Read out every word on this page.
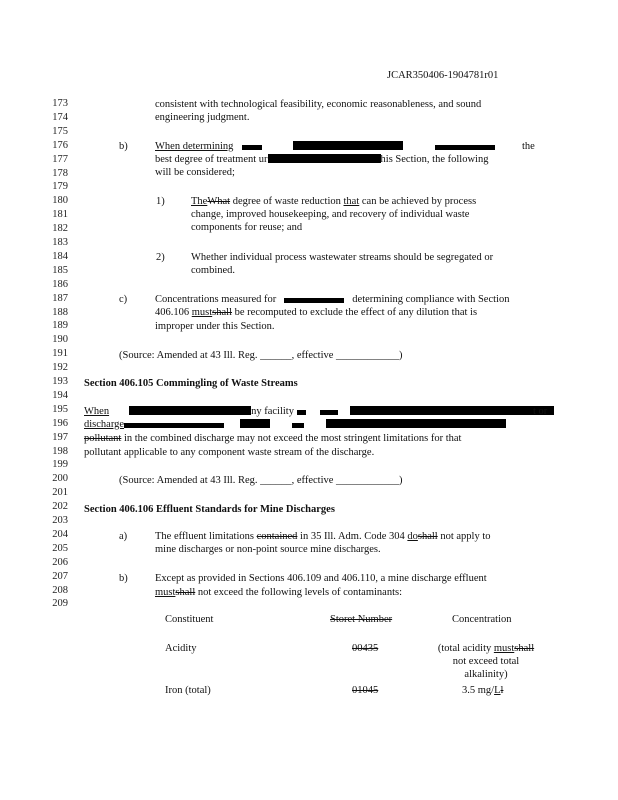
JCAR350406-1904781r01
173
174
175
176
177
178
179
180
181
182
183
184
185
186
187
188
189
190
191
192
193
194
195
196
197
198
199
200
201
202
203
204
205
206
207
208
209
consistent with technological feasibility, economic reasonableness, and sound
engineering judgment.
b)	When determining	the
best degree of treatment ur	his Section, the following
will be considered;
1)	TheWhat degree of waste reduction that can be achieved by process
change, improved housekeeping, and recovery of individual waste
components for reuse; and
2)	Whether individual process wastewater streams should be segregated or
combined.
c)	Concentrations measured for	determining compliance with Section
406.106 mustshall be recomputed to exclude the effect of any dilution that is
improper under this Section.
(Source: Amended at 43 Ill. Reg. ______, effective ____________)
Section 406.105 Commingling of Waste Streams
When	ny facility	t or
discharge
pollutant in the combined discharge may not exceed the most stringent limitations for that
pollutant applicable to any component waste stream of the discharge.
(Source: Amended at 43 Ill. Reg. ______, effective ____________)
Section 406.106 Effluent Standards for Mine Discharges
a)	The effluent limitations contained in 35 Ill. Adm. Code 304 doshall not apply to
mine discharges or non-point source mine discharges.
b)	Except as provided in Sections 406.109 and 406.110, a mine discharge effluent
mustshall not exceed the following levels of contaminants:
Constituent	Storet Number	Concentration
Acidity	00435	(total acidity mustshall
not exceed total
alkalinity)
Iron (total)	01045	3.5 mg/Ll
